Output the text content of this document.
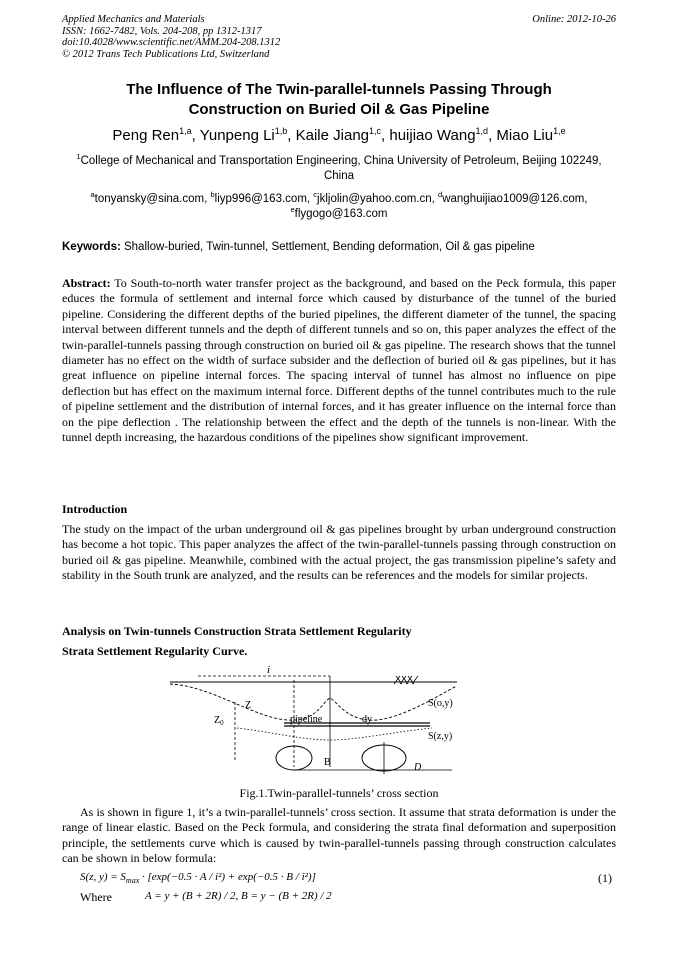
Applied Mechanics and Materials
ISSN: 1662-7482, Vols. 204-208, pp 1312-1317
doi:10.4028/www.scientific.net/AMM.204-208.1312
© 2012 Trans Tech Publications Ltd, Switzerland
Online: 2012-10-26
The Influence of The Twin-parallel-tunnels Passing Through
Construction on Buried Oil & Gas Pipeline
Peng Ren$^{1,a}$, Yunpeng Li$^{1,b}$, Kaile Jiang$^{1,c}$, huijiao Wang$^{1,d}$, Miao Liu$^{1,e}$
$^1$College of Mechanical and Transportation Engineering, China University of Petroleum, Beijing 102249, China
$^a$tonyansky@sina.com, $^b$liyp996@163.com, $^c$jkljolin@yahoo.com.cn, $^d$wanghuijiao1009@126.com,
$^e$flygogo@163.com
Keywords: Shallow-buried, Twin-tunnel, Settlement, Bending deformation, Oil & gas pipeline
Abstract: To South-to-north water transfer project as the background, and based on the Peck formula, this paper educes the formula of settlement and internal force which caused by disturbance of the tunnel of the buried pipeline. Considering the different depths of the buried pipelines, the different diameter of the tunnel, the spacing interval between different tunnels and the depth of different tunnels and so on, this paper analyzes the effect of the twin-parallel-tunnels passing through construction on buried oil & gas pipeline. The research shows that the tunnel diameter has no effect on the width of surface subsider and the deflection of buried oil & gas pipelines, but it has great influence on pipeline internal forces. The spacing interval of tunnel has almost no influence on pipe deflection but has effect on the maximum internal force. Different depths of the tunnel contributes much to the rule of pipeline settlement and the distribution of internal forces, and it has greater influence on the internal force than on the pipe deflection . The relationship between the effect and the depth of the tunnels is non-linear. With the tunnel depth increasing, the hazardous conditions of the pipelines show significant improvement.
Introduction
The study on the impact of the urban underground oil & gas pipelines brought by urban underground construction has become a hot topic. This paper analyzes the affect of the twin-parallel-tunnels passing through construction on buried oil & gas pipeline. Meanwhile, combined with the actual project, the gas transmission pipeline’s safety and stability in the South trunk are analyzed, and the results can be references and the models for similar projects.
Analysis on Twin-tunnels Construction Strata Settlement Regularity
Strata Settlement Regularity Curve.
i
Z
$Z_0$	pipeline	dy
S(o,y)
S(z,y)
B	D
Fig.1.Twin-parallel-tunnels’ cross section
As is shown in figure 1, it’s a twin-parallel-tunnels’ cross section. It assume that strata deformation is under the range of linear elastic. Based on the Peck formula, and considering the strata final deformation and superposition principle, the settlements curve which is caused by twin-parallel-tunnels passing through construction calculates can be shown in below formula:
S(z, $y) = S_{max} \cdot [\exp(-0.5 \cdot A / i^2) + \exp(-0.5 \cdot B / i^2)]$	(1)
Where	A = y + (B + 2R) / 2, B = y − (B + 2R) / 2
